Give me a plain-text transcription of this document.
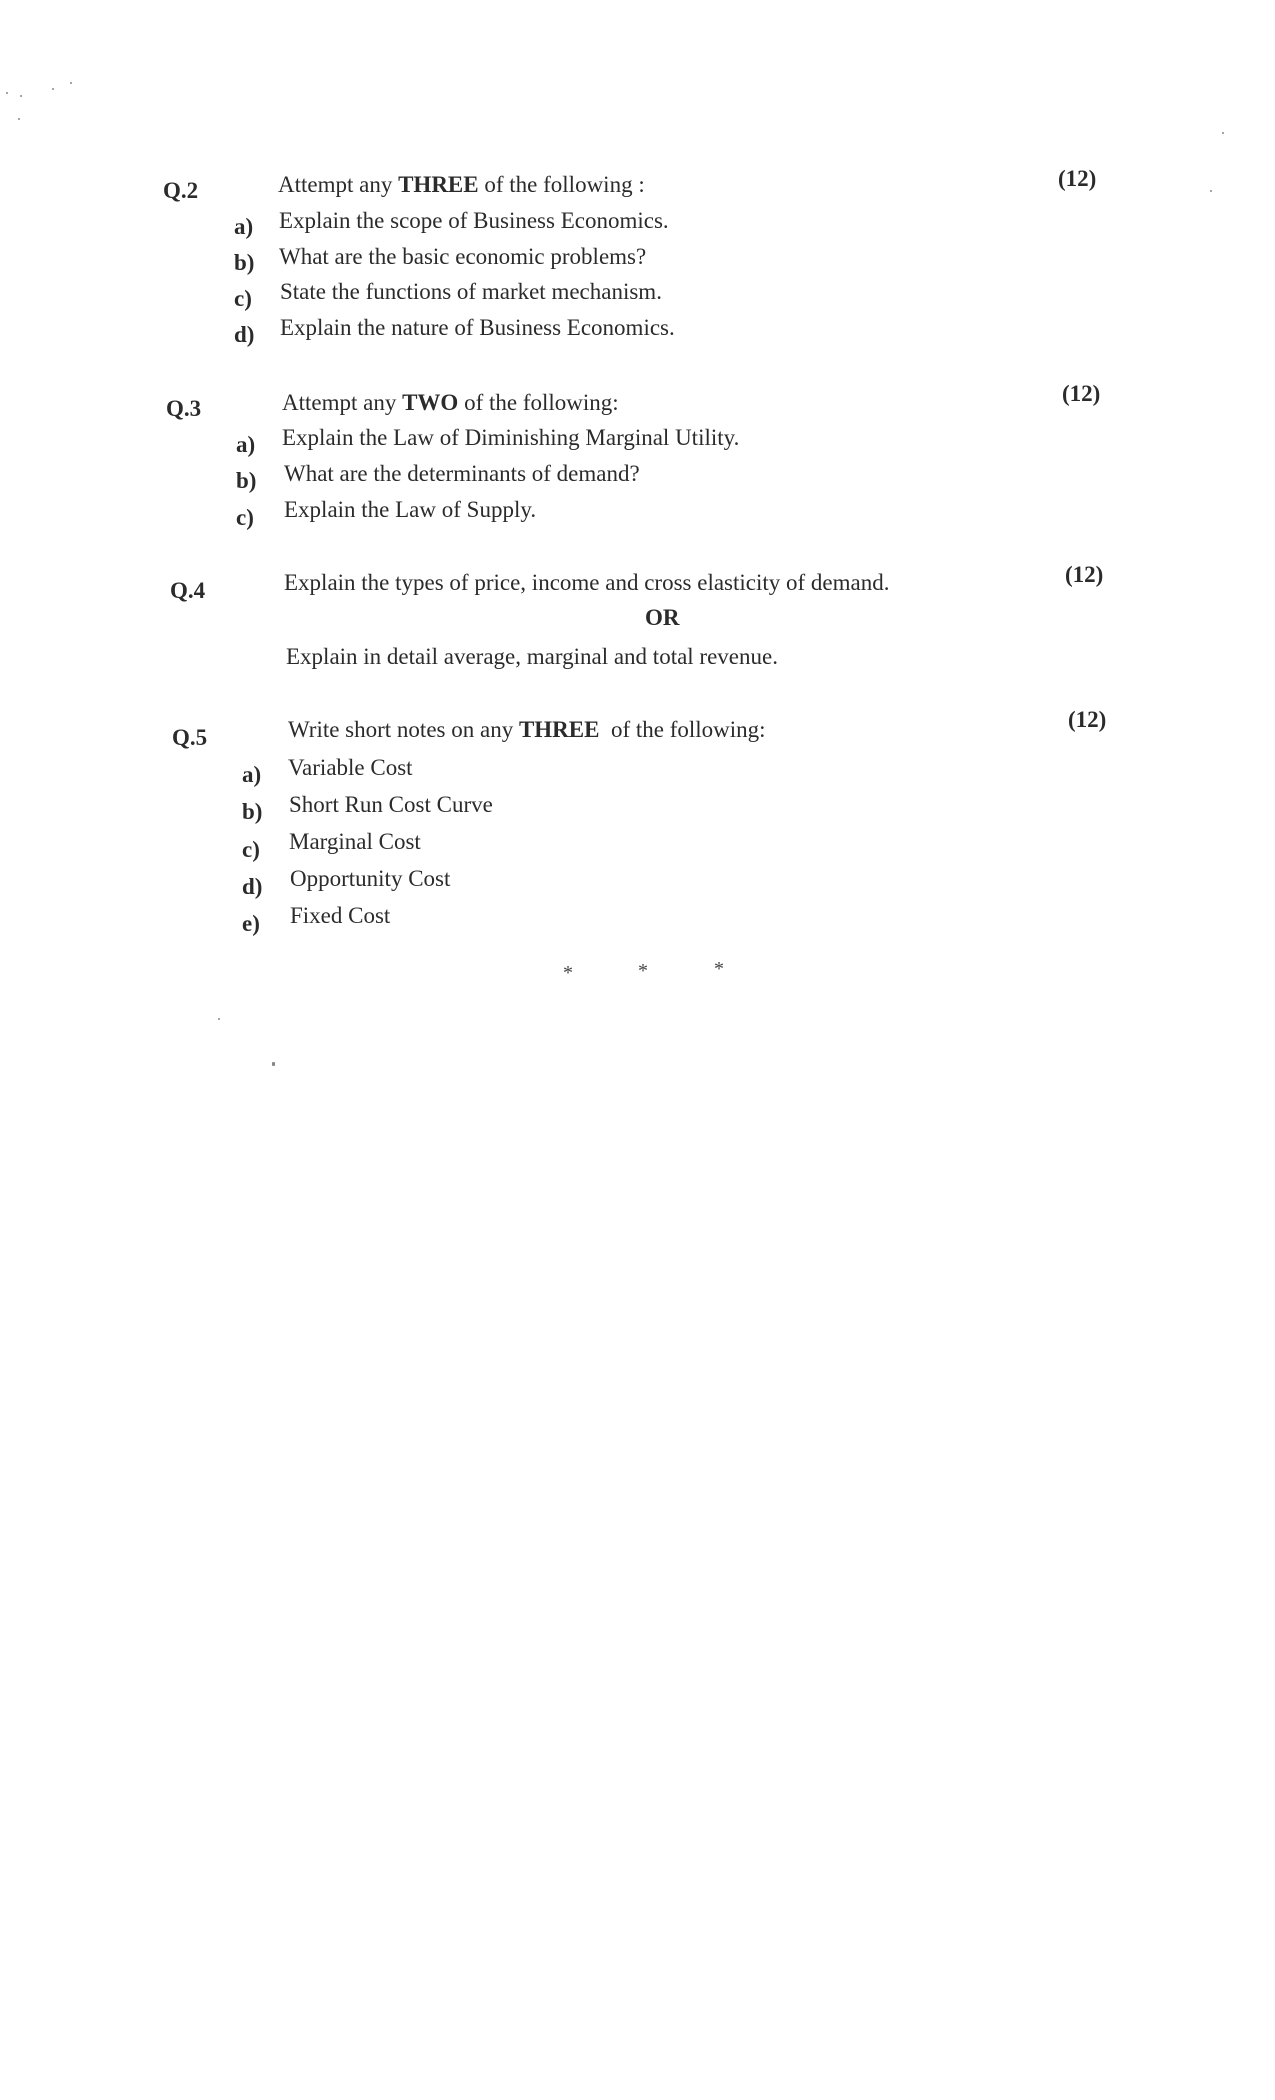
Q.2	Attempt any THREE of the following :	(12)
a) Explain the scope of Business Economics.
b) What are the basic economic problems?
c) State the functions of market mechanism.
d) Explain the nature of Business Economics.
Q.3	Attempt any TWO of the following:	(12)
a) Explain the Law of Diminishing Marginal Utility.
b) What are the determinants of demand?
c) Explain the Law of Supply.
Q.4	Explain the types of price, income and cross elasticity of demand.	(12)
OR
Explain in detail average, marginal and total revenue.
Q.5	Write short notes on any THREE of the following:	(12)
a) Variable Cost
b) Short Run Cost Curve
c) Marginal Cost
d) Opportunity Cost
e) Fixed Cost
*	*	*
